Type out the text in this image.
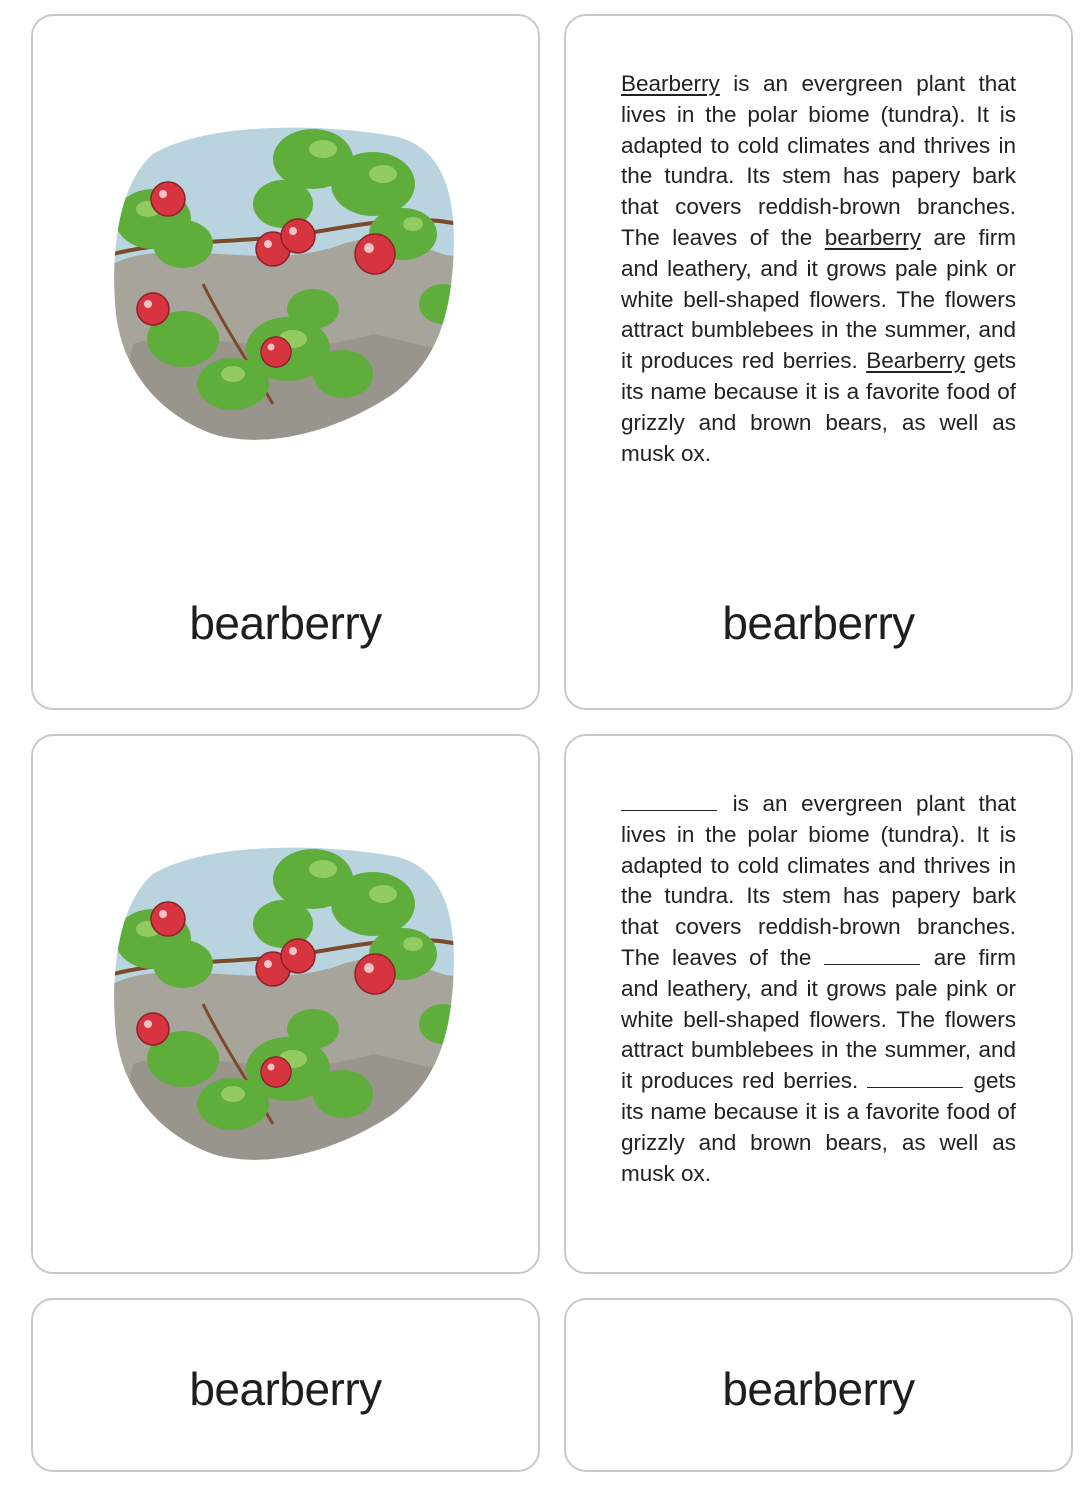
bearberry
Bearberry is an evergreen plant that lives in the polar biome (tundra). It is adapted to cold climates and thrives in the tundra. Its stem has papery bark that covers reddish-brown branches. The leaves of the bearberry are firm and leathery, and it grows pale pink or white bell-shaped flowers. The flowers attract bumblebees in the summer, and it produces red berries. Bearberry gets its name because it is a favorite food of grizzly and brown bears, as well as musk ox.
bearberry
is an evergreen plant that lives in the polar biome (tundra). It is adapted to cold climates and thrives in the tundra. Its stem has papery bark that covers reddish-brown branches. The leaves of the	are firm and leathery, and it grows pale pink or white bell-shaped flowers. The flowers attract bumblebees in the summer, and it produces red berries.	gets its name because it is a favorite food of grizzly and brown bears, as well as musk ox.
bearberry	bearberry
